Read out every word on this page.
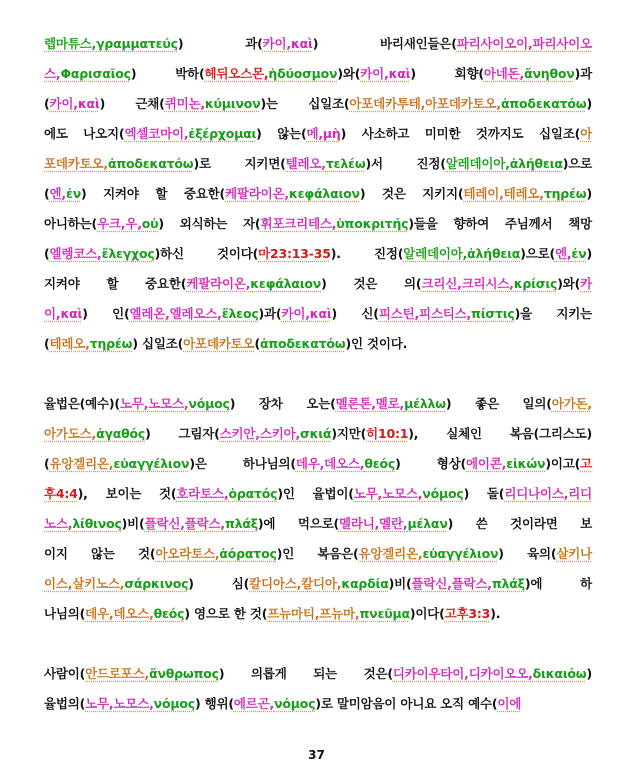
렙마튜스,γραμματεύς) 과(카이,καὶ) 바리새인들은(파리사이오이,파리사이오
스,Φαρισαῖος) 박하(헤뒤오스몬,ἡδύοσμον)와(카이,καὶ) 회향(아네돈,ἄνηθον)과
(카이,καὶ) 근채(퀴미논,κύμινον)는 십일조(아포데카투테,아포데카토오,ἀποδεκατόω)
에도 나오지(엑셀코마이,ἐξέρχομαι) 않는(메,μὴ) 사소하고 미미한 것까지도 십일조(아
포데카토오,ἀποδεκατόω)로 지키면(텔레오,τελέω)서 진정(알레데이아,ἀλήθεια)으로
(엔,ἐν) 지켜야 할 중요한(케팔라이온,κεφάλαιον) 것은 지키지(테레이,테레오,τηρέω)
아니하는(우크,우,οὐ) 외식하는 자(휘포크리테스,ὑποκριτής)들을 향하여 주님께서 책망
(엘렝코스,ἔλεγχος)하신 것이다(마23:13-35). 진정(알레데이아,ἀλήθεια)으로(엔,ἐν)
지켜야 할 중요한(케팔라이온,κεφάλαιον) 것은 의(크리신,크리시스,κρίσις)와(카
이,καὶ) 인(엘레온,엘레오스,ἔλεος)과(카이,καὶ) 신(피스틴,피스티스,πίστις)을 지키는
(테레오,τηρέω) 십일조(아포데카토오(ἀποδεκατόω)인 것이다.
율법은(예수)(노무,노모스,νόμος) 장차 오는(멜론톤,멜로,μέλλω) 좋은 일의(아가돈,
아가도스,ἀγαθός) 그림자(스키안,스키아,σκιά)지만(히10:1), 실체인 복음(그리스도)
(유앙겔리온,εὐαγγέλιον)은 하나님의(데우,데오스,θεός) 형상(에이콘,εἰκών)이고(고
후4:4), 보이는 것(호라토스,ὁρατός)인 율법이(노무,노모스,νόμος) 돌(리디나이스,리디
노스,λίθινος)비(플락신,플락스,πλάξ)에 먹으로(멜라니,멜란,μέλαν) 쓴 것이라면 보
이지 않는 것(아오라토스,ἀόρατος)인 복음은(유앙겔리온,εὐαγγέλιον) 육의(살키나
이스,살키노스,σάρκινος) 심(칼디아스,칼디아,καρδία)비(플락신,플락스,πλάξ)에 하
나님의(데우,데오스,θεός) 영으로 한 것(프뉴마티,프뉴마,πνεῦμα)이다(고후3:3).
사람이(안드로포스,ἄνθρωπος) 의롭게 되는 것은(디카이우타이,디카이오오,δικαιόω)
율법의(노무,노모스,νόμος) 행위(에르곤,νόμος)로 말미암음이 아니요 오직 예수(이에
37
